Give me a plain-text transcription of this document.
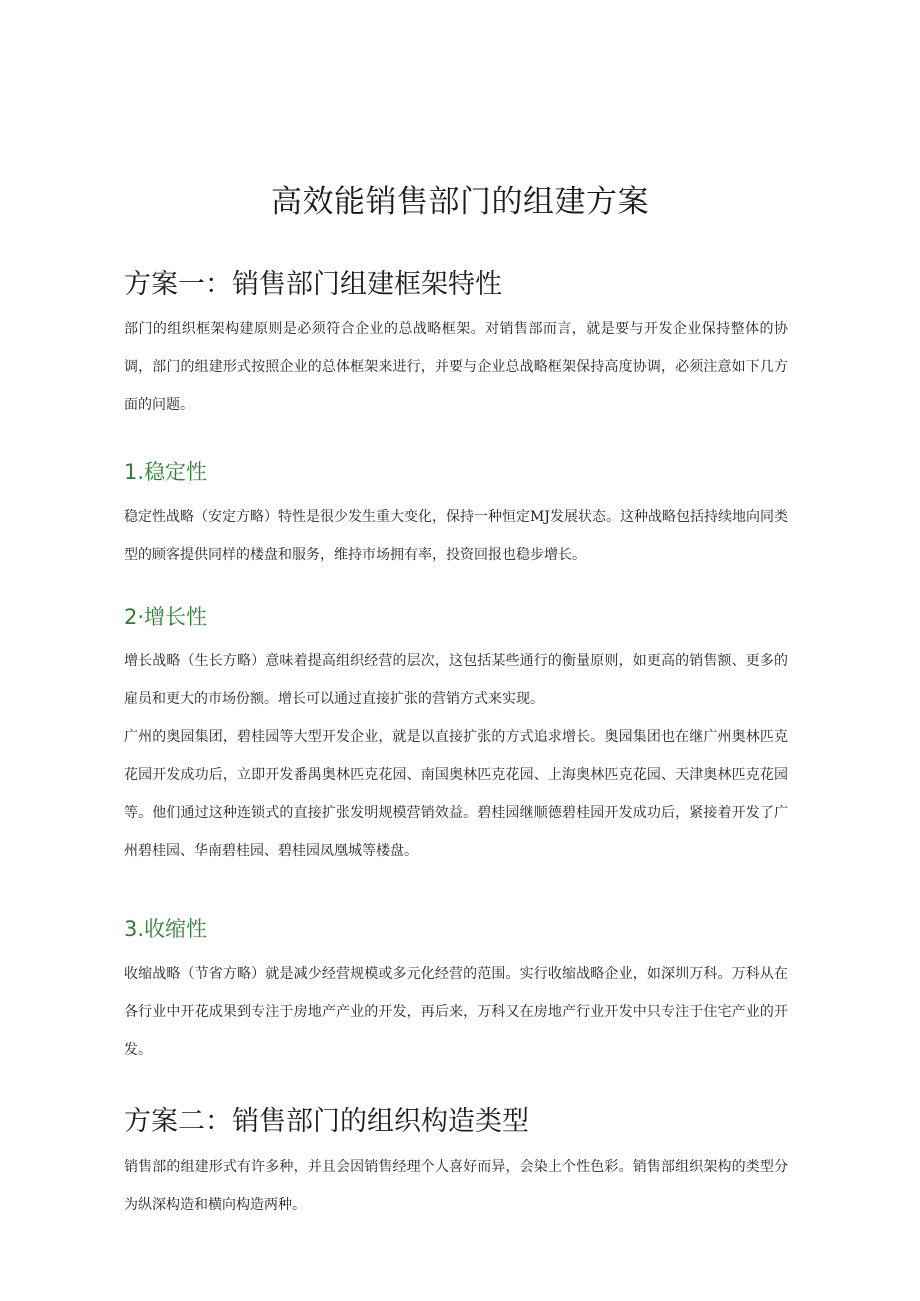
高效能销售部门的组建方案
方案一：销售部门组建框架特性

部门的组织框架构建原则是必须符合企业的总战略框架。对销售部而言，就是要与开发企业保持整体的协调，部门的组建形式按照企业的总体框架来进行，并要与企业总战略框架保持高度协调，必须注意如下几方面的问题。

1.稳定性

稳定性战略（安定方略）特性是很少发生重大变化，保持一种恒定MJ发展状态。这种战略包括持续地向同类型的顾客提供同样的楼盘和服务，维持市场拥有率，投资回报也稳步增长。

2·增长性

增长战略（生长方略）意味着提高组织经营的层次，这包括某些通行的衡量原则，如更高的销售额、更多的雇员和更大的市场份额。增长可以通过直接扩张的营销方式来实现。

广州的奥园集团，碧桂园等大型开发企业，就是以直接扩张的方式追求增长。奥园集团也在继广州奥林匹克花园开发成功后，立即开发番禺奥林匹克花园、南国奥林匹克花园、上海奥林匹克花园、天津奥林匹克花园等。他们通过这种连锁式的直接扩张发明规模营销效益。碧桂园继顺德碧桂园开发成功后，紧接着开发了广州碧桂园、华南碧桂园、碧桂园凤凰城等楼盘。

3.收缩性

收缩战略（节省方略）就是减少经营规模或多元化经营的范围。实行收缩战略企业，如深圳万科。万科从在各行业中开花成果到专注于房地产产业的开发，再后来，万科又在房地产行业开发中只专注于住宅产业的开发。

方案二：销售部门的组织构造类型

销售部的组建形式有许多种，并且会因销售经理个人喜好而异，会染上个性色彩。销售部组织架构的类型分为纵深构造和横向构造两种。
